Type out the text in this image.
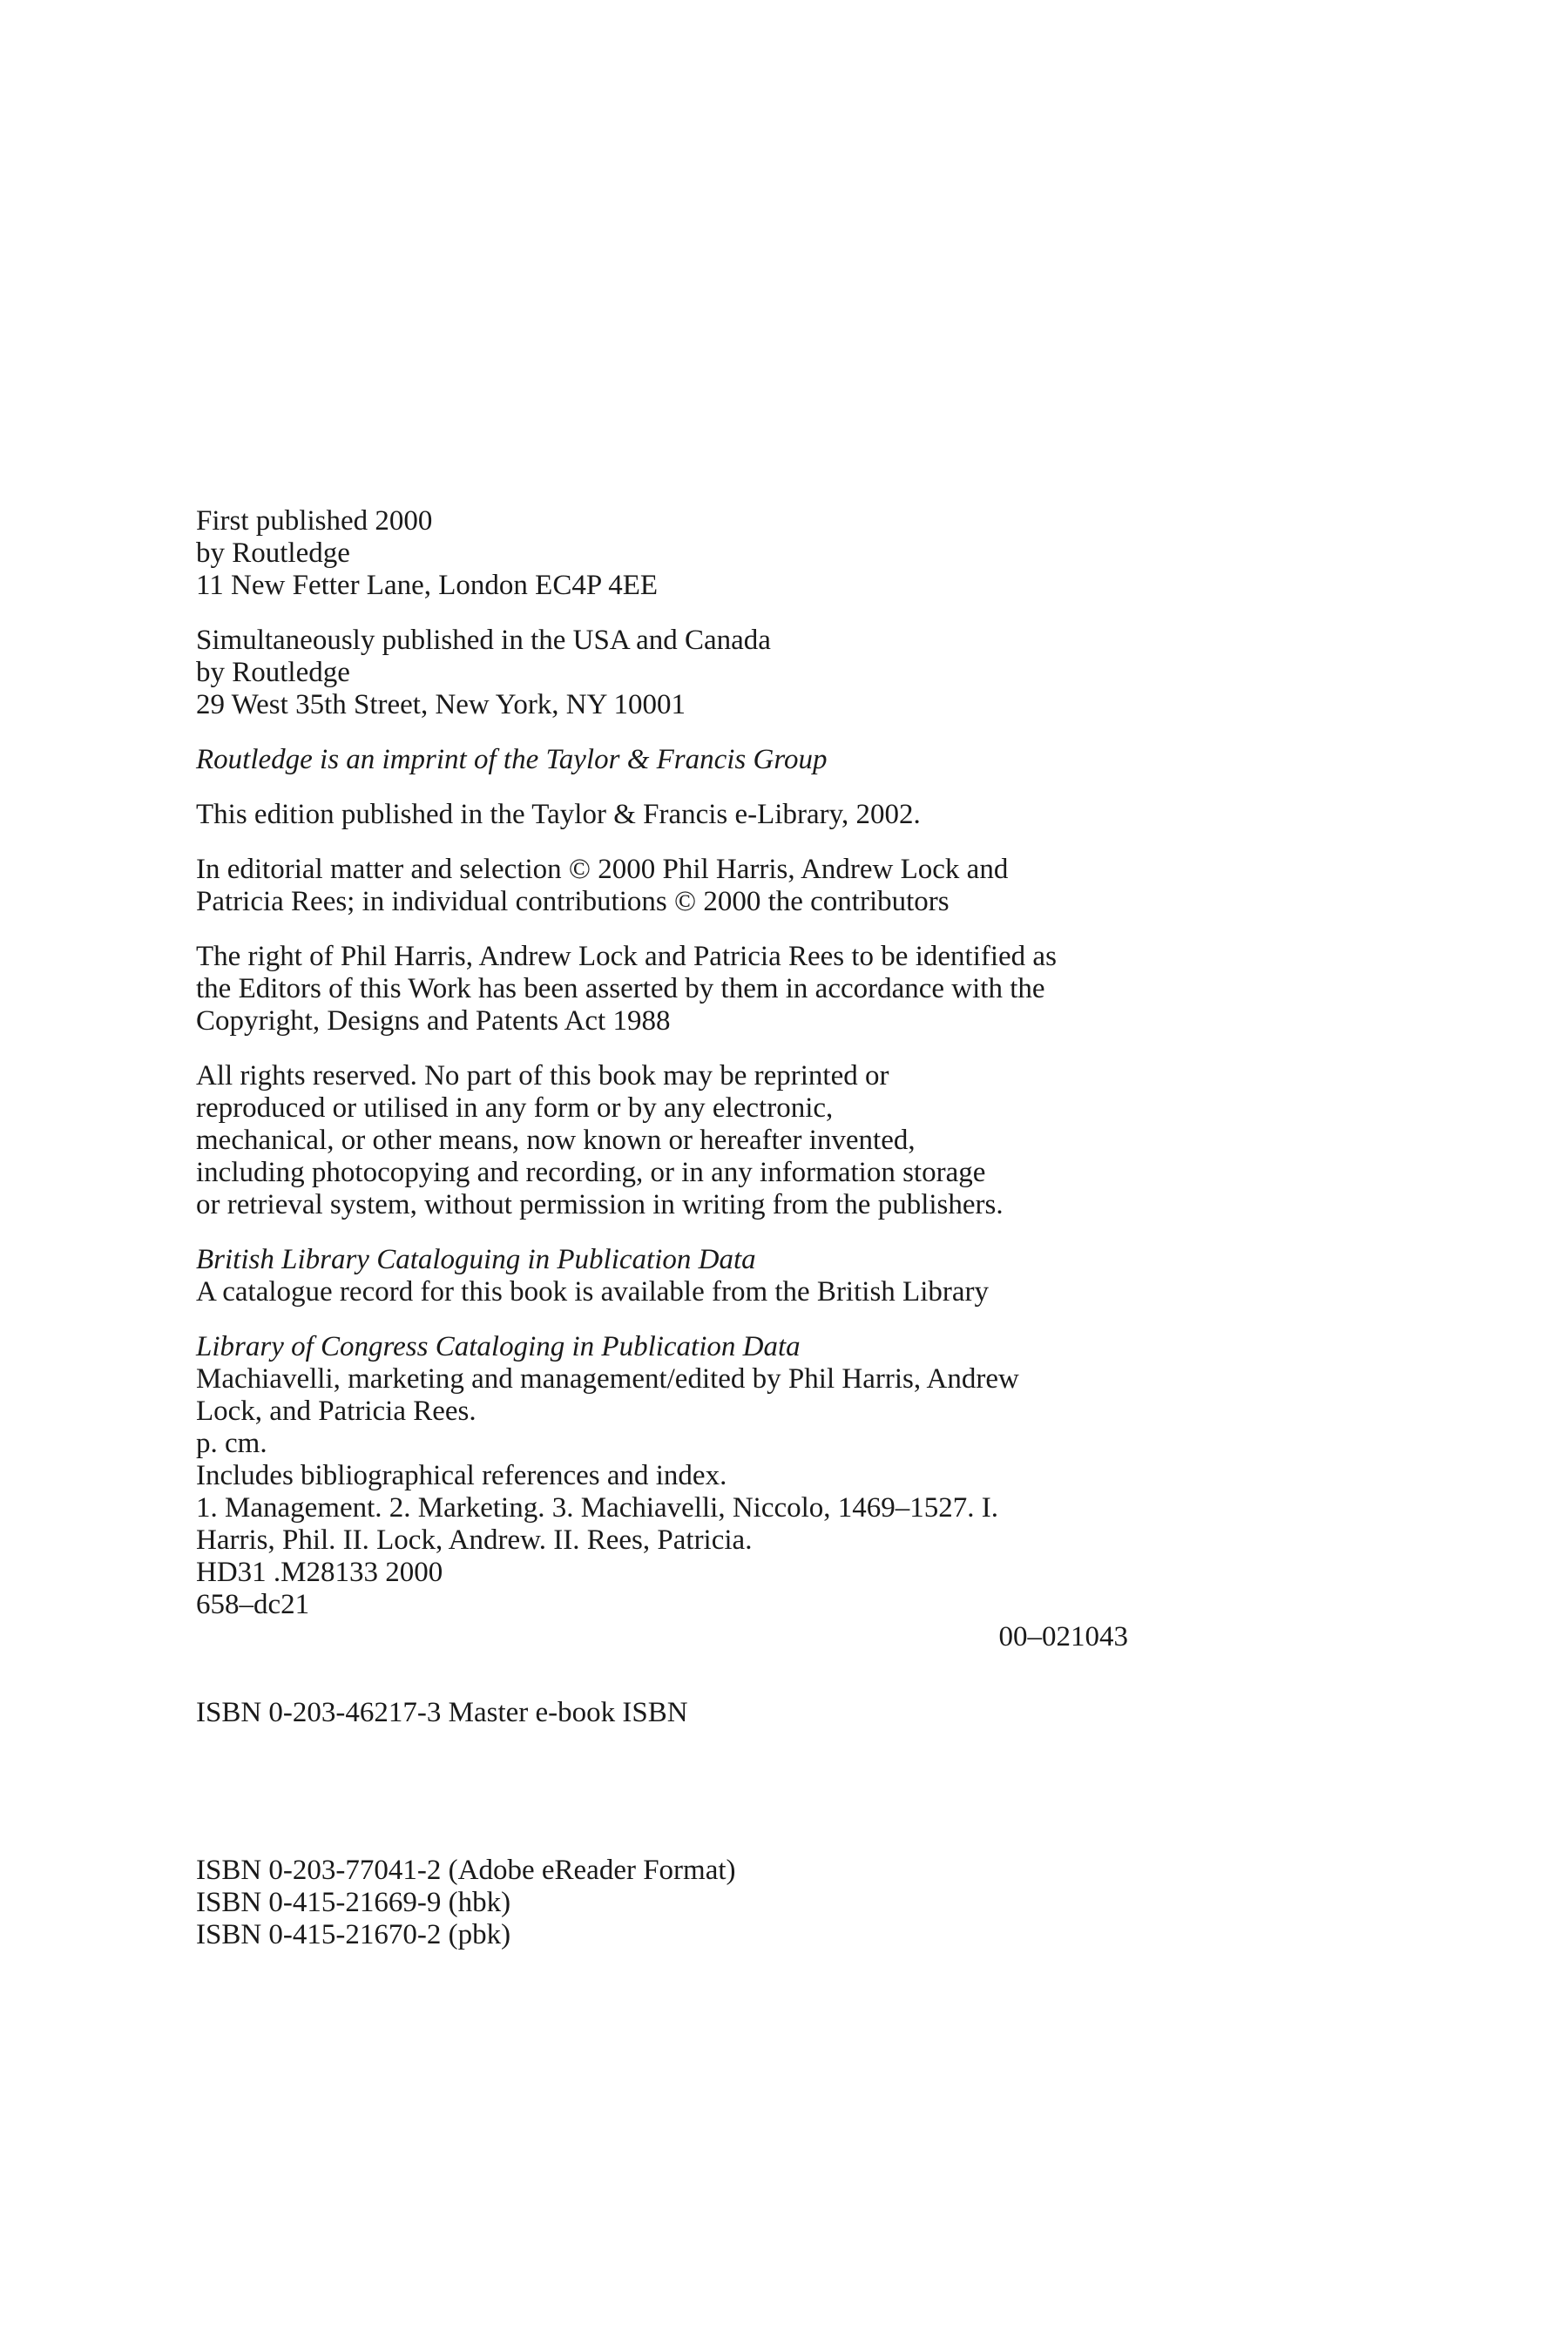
First published 2000
by Routledge
11 New Fetter Lane, London EC4P 4EE
Simultaneously published in the USA and Canada
by Routledge
29 West 35th Street, New York, NY 10001
Routledge is an imprint of the Taylor & Francis Group
This edition published in the Taylor & Francis e-Library, 2002.
In editorial matter and selection © 2000 Phil Harris, Andrew Lock and
Patricia Rees; in individual contributions © 2000 the contributors
The right of Phil Harris, Andrew Lock and Patricia Rees to be identified as
the Editors of this Work has been asserted by them in accordance with the
Copyright, Designs and Patents Act 1988
All rights reserved. No part of this book may be reprinted or
reproduced or utilised in any form or by any electronic,
mechanical, or other means, now known or hereafter invented,
including photocopying and recording, or in any information storage
or retrieval system, without permission in writing from the publishers.
British Library Cataloguing in Publication Data
A catalogue record for this book is available from the British Library
Library of Congress Cataloging in Publication Data
Machiavelli, marketing and management/edited by Phil Harris, Andrew
Lock, and Patricia Rees.
p. cm.
Includes bibliographical references and index.
1. Management. 2. Marketing. 3. Machiavelli, Niccolo, 1469–1527. I.
Harris, Phil. II. Lock, Andrew. II. Rees, Patricia.
HD31 .M28133 2000
658–dc21
00–021043
ISBN 0-203-46217-3 Master e-book ISBN
ISBN 0-203-77041-2 (Adobe eReader Format)
ISBN 0-415-21669-9 (hbk)
ISBN 0-415-21670-2 (pbk)
